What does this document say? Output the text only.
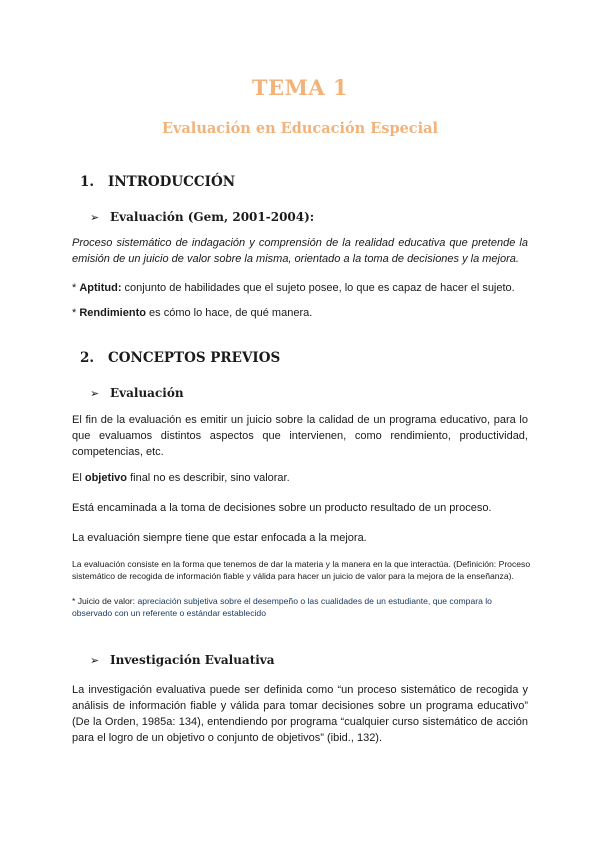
TEMA 1
Evaluación en Educación Especial
1. INTRODUCCIÓN
➢ Evaluación (Gem, 2001-2004):
Proceso sistemático de indagación y comprensión de la realidad educativa que pretende la emisión de un juicio de valor sobre la misma, orientado a la toma de decisiones y la mejora.
* Aptitud: conjunto de habilidades que el sujeto posee, lo que es capaz de hacer el sujeto.
* Rendimiento es cómo lo hace, de qué manera.
2. CONCEPTOS PREVIOS
➢ Evaluación
El fin de la evaluación es emitir un juicio sobre la calidad de un programa educativo, para lo que evaluamos distintos aspectos que intervienen, como rendimiento, productividad, competencias, etc.
El objetivo final no es describir, sino valorar.
Está encaminada a la toma de decisiones sobre un producto resultado de un proceso.
La evaluación siempre tiene que estar enfocada a la mejora.
La evaluación consiste en la forma que tenemos de dar la materia y la manera en la que interactúa. (Definición: Proceso sistemático de recogida de información fiable y válida para hacer un juicio de valor para la mejora de la enseñanza).
* Juicio de valor: apreciación subjetiva sobre el desempeño o las cualidades de un estudiante, que compara lo observado con un referente o estándar establecido
➢ Investigación Evaluativa
La investigación evaluativa puede ser definida como “un proceso sistemático de recogida y análisis de información fiable y válida para tomar decisiones sobre un programa educativo” (De la Orden, 1985a: 134), entendiendo por programa “cualquier curso sistemático de acción para el logro de un objetivo o conjunto de objetivos” (ibid., 132).
